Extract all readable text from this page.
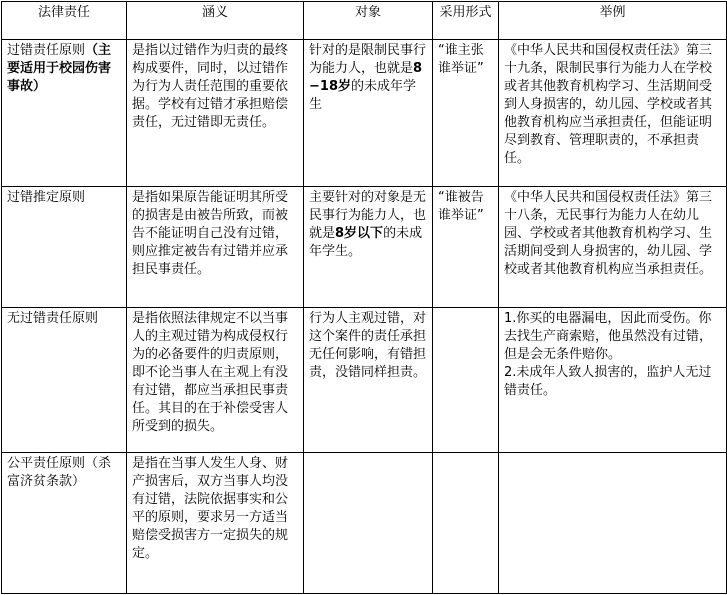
法律责任	涵义	对象	采用形式	举例
过错责任原则（主要适用于校园伤害事故）	是指以过错作为归责的最终构成要件，同时，以过错作为行为人责任范围的重要依据。学校有过错才承担赔偿责任，无过错即无责任。	针对的是限制民事行为能力人，也就是8−18岁的未成年学生	“谁主张谁举证”	《中华人民共和国侵权责任法》第三十九条，限制民事行为能力人在学校或者其他教育机构学习、生活期间受到人身损害的，幼儿园、学校或者其他教育机构应当承担责任，但能证明尽到教育、管理职责的，不承担责任。
过错推定原则	是指如果原告能证明其所受的损害是由被告所致，而被告不能证明自己没有过错，则应推定被告有过错并应承担民事责任。	主要针对的对象是无民事行为能力人，也就是8岁以下的未成年学生。	“谁被告谁举证”	《中华人民共和国侵权责任法》第三十八条，无民事行为能力人在幼儿园、学校或者其他教育机构学习、生活期间受到人身损害的，幼儿园、学校或者其他教育机构应当承担责任。
无过错责任原则	是指依照法律规定不以当事人的主观过错为构成侵权行为的必备要件的归责原则，即不论当事人在主观上有没有过错，都应当承担民事责任。其目的在于补偿受害人所受到的损失。	行为人主观过错，对这个案件的责任承担无任何影响，有错担责，没错同样担责。		1.你买的电器漏电，因此而受伤。你去找生产商索赔，他虽然没有过错，但是会无条件赔你。
2.未成年人致人损害的，监护人无过错责任。

公平责任原则（杀富济贫条款）	是指在当事人发生人身、财产损害后，双方当事人均没有过错，法院依据事实和公平的原则，要求另一方适当赔偿受损害方一定损失的规定。			
